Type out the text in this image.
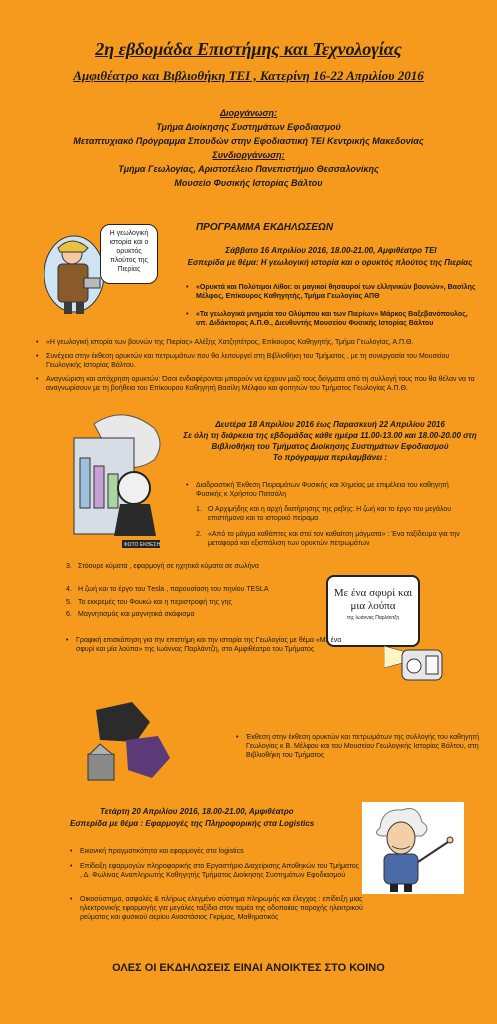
2η εβδομάδα Επιστήμης και Τεχνολογίας
Αμφιθέατρο και Βιβλιοθήκη ΤΕΙ , Κατερίνη 16-22 Απριλίου 2016
Διοργάνωση:
Τμήμα Διοίκησης Συστημάτων Εφοδιασμού
Μεταπτυχιακό Πρόγραμμα Σπουδών στην Εφοδιαστική ΤΕΙ Κεντρικής Μακεδονίας
Συνδιοργάνωση:
Τμήμα Γεωλογίας, Αριστοτέλειο Πανεπιστήμιο Θεσσαλονίκης
Μουσείο Φυσικής Ιστορίας Βάλτου
ΠΡΟΓΡΑΜΜΑ ΕΚΔΗΛΩΣΕΩΝ
Η γεωλογική ιστορία και ο ορυκτός πλούτος της Πιερίας
Σάββατο 16 Απριλίου 2016, 18.00-21.00, Αμφιθέατρο ΤΕΙ
Εσπερίδα με θέμα: Η γεωλογική ιστορία και ο ορυκτός πλούτος της Πιερίας
•	«Ορυκτά και Πολύτιμοι Λίθοι: οι μαγικοί θησαυροί των ελληνικών βουνών», Βασίλης Μέλφος, Επίκουρος Καθηγητής, Τμήμα Γεωλογίας ΑΠΘ
•	«Τα γεωλογικά μνημεία του Ολύμπου και των Πιερίων» Μάρκος Βαξεβανόπουλος, υπ. Διδάκτορας Α.Π.Θ., Διευθυντής Μουσείου Φυσικής Ιστορίας Βάλτου
•	«Η γεωλογική ιστορία των βουνών της Πιερίας» Αλέξης Χατζηπέτρος, Επίκουρος Καθηγητής, Τμήμα Γεωλογίας, Α.Π.Θ.
•	Συνέχεια στην έκθεση ορυκτών και πετρωμάτων που θα λειτουργεί στη Βιβλιοθήκη του Τμήματος , με τη συνεργασία του Μουσείου Γεωλογικής Ιστορίας Βάλτου.
•	Αναγνώριση και απόχρηση ορυκτών: Όσοι ενδιαφέρονται μπορούν να έρχουν μαζί τους δείγματα από τη συλλογή τους που θα θέλαν να τα αναγνωρίσουν με τη βοήθεια του Επίκουρου Καθηγητή Βασίλη Μέλφου και φοιτητών του Τμήματος Γεωλογίας Α.Π.Θ.
ΦΩΤΟ ΕΚΘΕΣΗ
Δευτέρα 18 Απριλίου 2016 έως Παρασκευή 22 Απριλίου 2016
Σε όλη τη διάρκεια της εβδομάδας κάθε ημέρα 11.00-13.00 και 18.00-20.00 στη
Βιβλιοθήκη του Τμήματος Διοίκησης Συστημάτων Εφοδιασμού
Το πρόγραμμα περιλαμβάνει :
•	Διαδραστική Έκθεση Πειραμάτων Φυσικής και Χημείας με επιμέλεια του καθηγητή Φυσικής κ Χρήστου Πατσάλη
1. Ο Αρχιμήδης και η αρχή διατήρησης της ρεβης: Η ζωή και το έργο του μεγάλου επιστήμονα και το ιστορικό πείραμα
2. «Από το μάγμα καθάπτες και στεί τον καθαίτση μάγματα» : Ένα ταξίδευμα για την μεταφορά και εξισπάλιση των ορυκτών πετρωμάτων
3. Στόουρε κύματα , εφαρμογή σε ηχητικά κύματα σε σωλήνα
4. Η ζωή και το έργο του Τesla , παρουσίαση του πηνίου TESLA
5. Το εκκρεμές του Φουκώ και η περιστροφή της γης
6. Μαγνητισμός και μαγνητικά σκάφισμα
Με ένα σφυρί και μια λούπα
της Ιωάννας Παρλάντζη
•	Γραφική επισκόπηση για την επιστήμη και την ιστορία της Γεωλογίας με θέμα «Με ένα σφυρί και μία λούπα» της Ιωάννας Παρλάντζη, στο Αμφιθέατρο του Τμήματος
•	Έκθεση στην έκθεση ορυκτών και πετρωμάτων της συλλογής του καθηγητή Γεωλογίας κ Β. Μέλφου και του Μουσείου Γεωλογικής Ιστορίας Βάλτου, στη Βιβλιοθήκη του Τμήματος
Τετάρτη 20 Απριλίου 2016, 18.00-21.00, Αμφιθέατρο
Εσπερίδα με θέμα : Εφαρμογές της Πληροφορικής στα Logistics
•	Εικονική πραγματικότητα και εφαρμογές στα logistics
•	Επίδειξη εφαρμογών πληροφορικής στο Εργαστήριο Διαχείρισης Αποθηκών του Τμήματος , Δ. Φωλίνας Αναπληρωτής Καθηγητής Τμήματος Διοίκησης Συστημάτων Εφοδιασμού
•	Οικοσύστημα, ασφαλές & πλήρως ελεγμένο σύστημα πληρωμής και έλεγχος : επίδειξη μιας ηλεκτρονικής εφαρμογής για μεγάλες ταξίδια στον τομέα της οδοποιίας παροχής ηλεκτρικού ρεύματος και φυσικού αερίου Αναστάσιος Γκρίμας, Μαθηματικός
ΟΛΕΣ ΟΙ ΕΚΔΗΛΩΣΕΙΣ ΕΙΝΑΙ ΑΝΟΙΚΤΕΣ ΣΤΟ ΚΟΙΝΟ
